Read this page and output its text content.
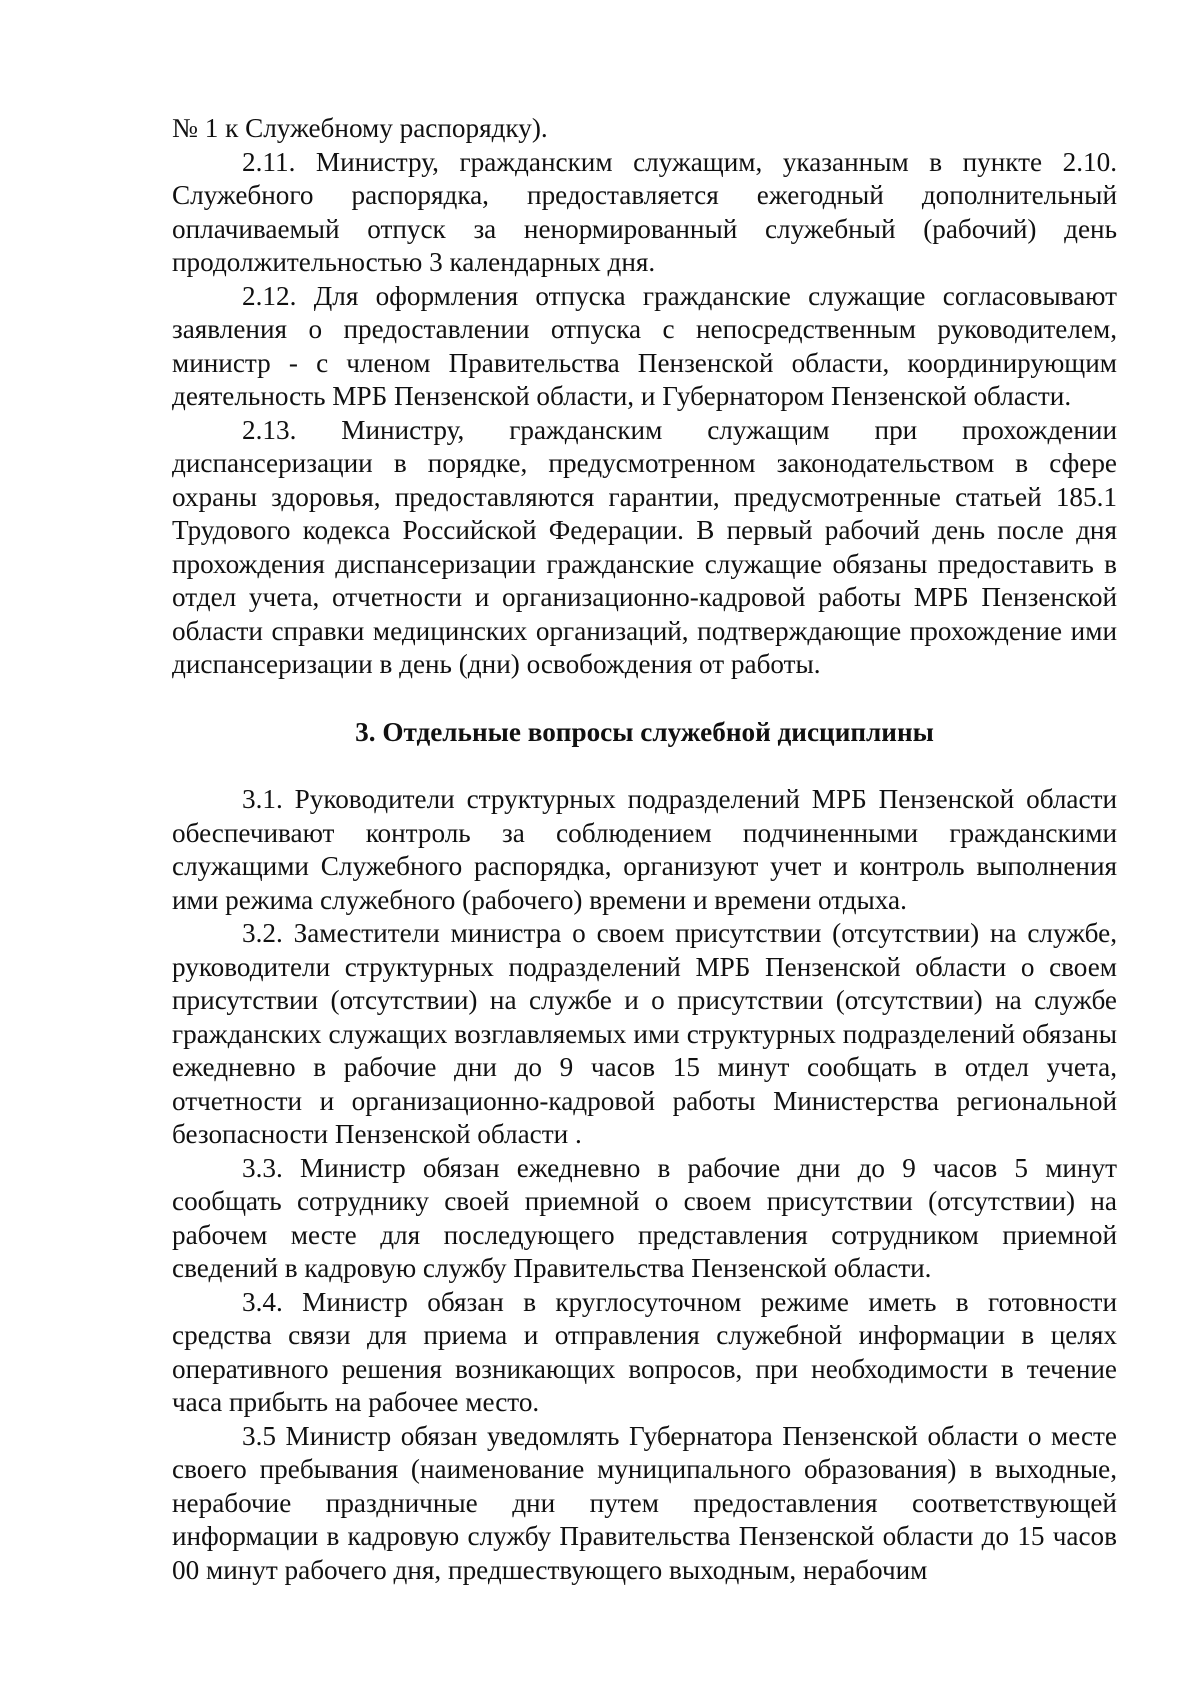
№ 1 к Служебному распорядку).

2.11. Министру, гражданским служащим, указанным в пункте 2.10. Служебного распорядка, предоставляется ежегодный дополнительный оплачиваемый отпуск за ненормированный служебный (рабочий) день продолжительностью 3 календарных дня.

2.12. Для оформления отпуска гражданские служащие согласовывают заявления о предоставлении отпуска с непосредственным руководителем, министр - с членом Правительства Пензенской области, координирующим деятельность МРБ Пензенской области, и Губернатором Пензенской области.

2.13. Министру, гражданским служащим при прохождении диспансеризации в порядке, предусмотренном законодательством в сфере охраны здоровья, предоставляются гарантии, предусмотренные статьей 185.1 Трудового кодекса Российской Федерации. В первый рабочий день после дня прохождения диспансеризации гражданские служащие обязаны предоставить в отдел учета, отчетности и организационно-кадровой работы МРБ Пензенской области справки медицинских организаций, подтверждающие прохождение ими диспансеризации в день (дни) освобождения от работы.

3. Отдельные вопросы служебной дисциплины

3.1. Руководители структурных подразделений МРБ Пензенской области обеспечивают контроль за соблюдением подчиненными гражданскими служащими Служебного распорядка, организуют учет и контроль выполнения ими режима служебного (рабочего) времени и времени отдыха.

3.2. Заместители министра о своем присутствии (отсутствии) на службе, руководители структурных подразделений МРБ Пензенской области о своем присутствии (отсутствии) на службе и о присутствии (отсутствии) на службе гражданских служащих возглавляемых ими структурных подразделений обязаны ежедневно в рабочие дни до 9 часов 15 минут сообщать в отдел учета, отчетности и организационно-кадровой работы Министерства региональной безопасности Пензенской области .

3.3. Министр обязан ежедневно в рабочие дни до 9 часов 5 минут сообщать сотруднику своей приемной о своем присутствии (отсутствии) на рабочем месте для последующего представления сотрудником приемной сведений в кадровую службу Правительства Пензенской области.

3.4. Министр обязан в круглосуточном режиме иметь в готовности средства связи для приема и отправления служебной информации в целях оперативного решения возникающих вопросов, при необходимости в течение часа прибыть на рабочее место.

3.5 Министр обязан уведомлять Губернатора Пензенской области о месте своего пребывания (наименование муниципального образования) в выходные, нерабочие праздничные дни путем предоставления соответствующей информации в кадровую службу Правительства Пензенской области до 15 часов 00 минут рабочего дня, предшествующего выходным, нерабочим
